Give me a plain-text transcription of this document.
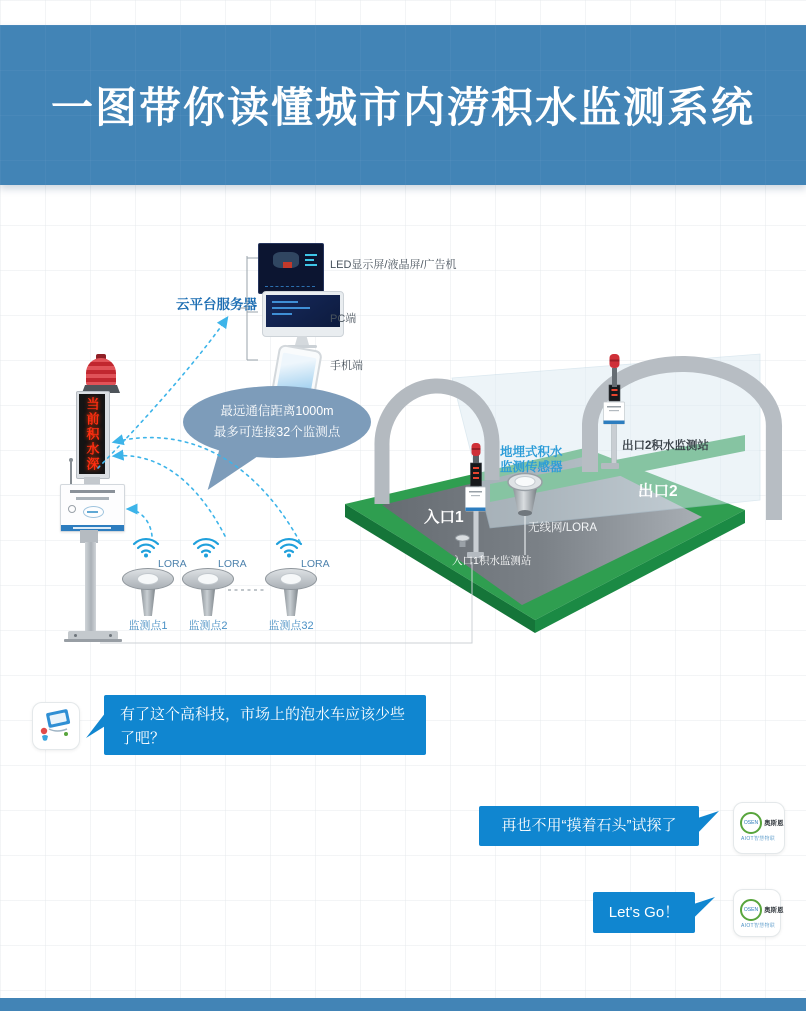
一图带你读懂城市内涝积水监测系统
地埋式积水
监测传感器
出口2积水监测站
出口2
入口1
无线网/LORA
入口1积水监测站
云平台服务器
LED显示屏/液晶屏/广告机
PC端
手机端
最远通信距离1000m
最多可连接32个监测点
当前积水深
LORA
监测点1
LORA
监测点2
LORA
监测点32
有了这个高科技，市场上的泡水车应该少些了吧？
再也不用“摸着石头”试探了	OSEN 奥斯恩
AIOT智慧物联
Let's Go！	OSEN 奥斯恩
AIOT智慧物联
